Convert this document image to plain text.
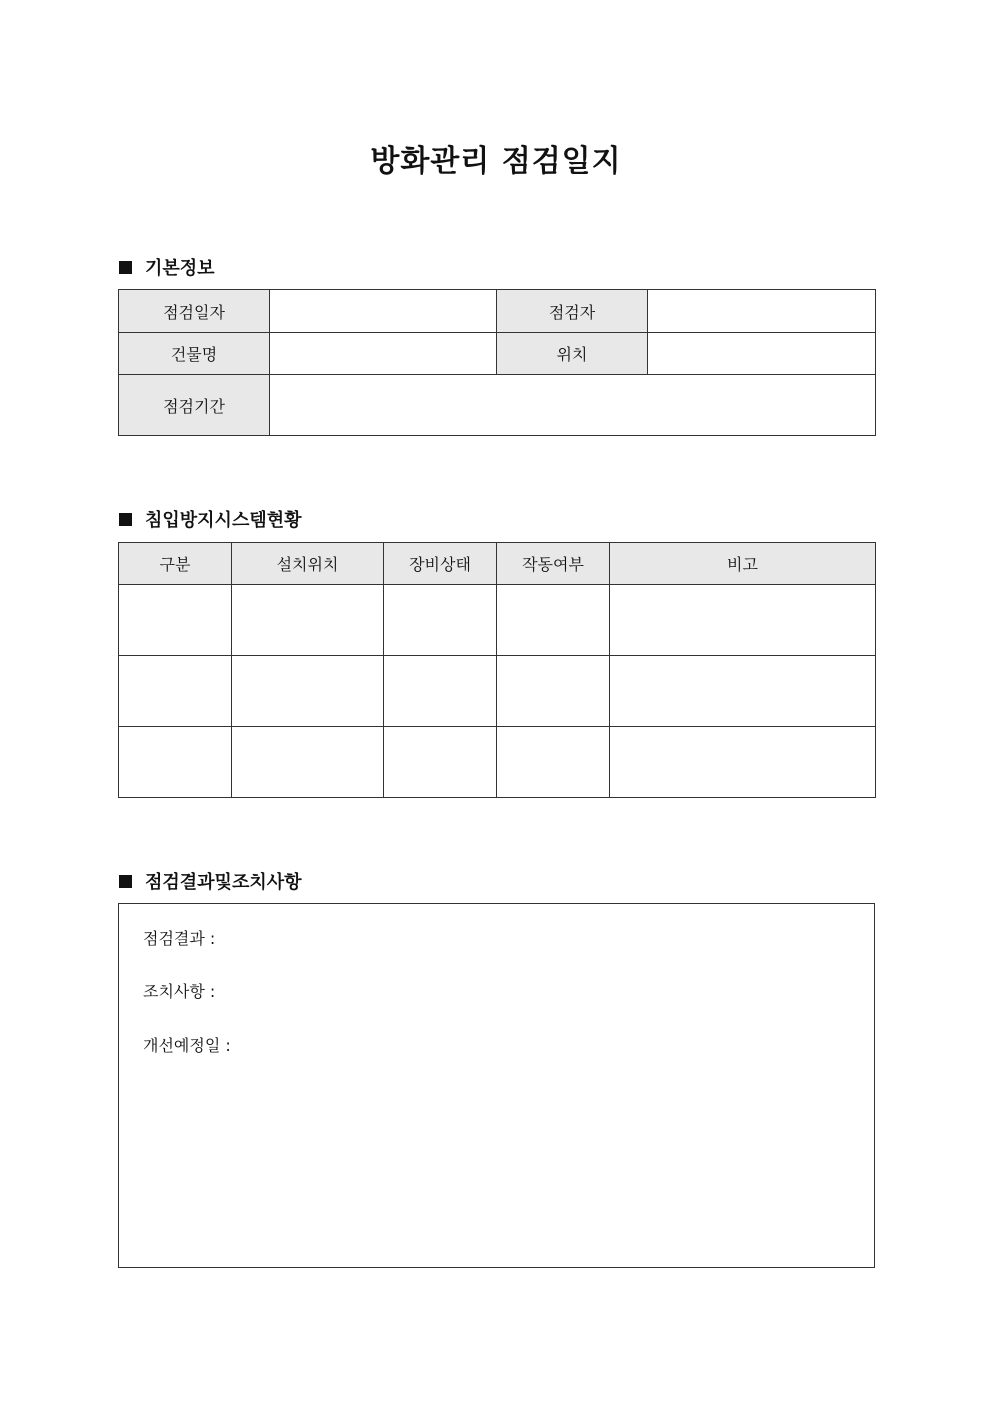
방화관리 점검일지
기본정보
점검일자		점검자	
건물명		위치	
점검기간			
침입방지시스템현황
구분	설치위치	장비상태	작동여부	비고

점검결과및조치사항
점검결과 :
조치사항 :
개선예정일 :
